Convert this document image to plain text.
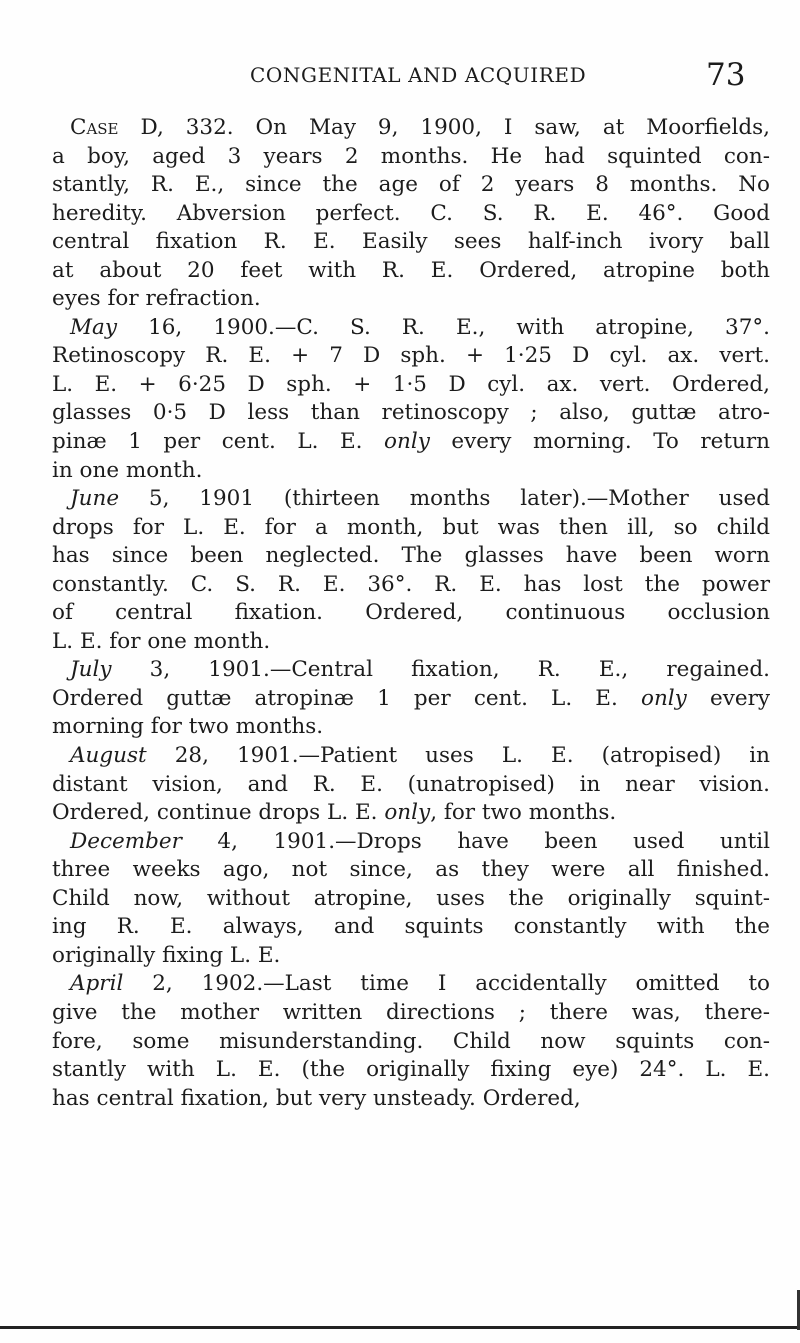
CONGENITAL AND ACQUIRED	73
Case D, 332. On May 9, 1900, I saw, at Moorfields,
a boy, aged 3 years 2 months. He had squinted con-
stantly, R. E., since the age of 2 years 8 months. No
heredity. Abversion perfect. C. S. R. E. 46°. Good
central fixation R. E. Easily sees half-inch ivory ball
at about 20 feet with R. E. Ordered, atropine both
eyes for refraction.
May 16, 1900.—C. S. R. E., with atropine, 37°.
Retinoscopy R. E. + 7 D sph. + 1·25 D cyl. ax. vert.
L. E. + 6·25 D sph. + 1·5 D cyl. ax. vert. Ordered,
glasses 0·5 D less than retinoscopy ; also, guttæ atro-
pinæ 1 per cent. L. E. only every morning. To return
in one month.
June 5, 1901 (thirteen months later).—Mother used
drops for L. E. for a month, but was then ill, so child
has since been neglected. The glasses have been worn
constantly. C. S. R. E. 36°. R. E. has lost the power
of central fixation. Ordered, continuous occlusion
L. E. for one month.
July 3, 1901.—Central fixation, R. E., regained.
Ordered guttæ atropinæ 1 per cent. L. E. only every
morning for two months.
August 28, 1901.—Patient uses L. E. (atropised) in
distant vision, and R. E. (unatropised) in near vision.
Ordered, continue drops L. E. only, for two months.
December 4, 1901.—Drops have been used until
three weeks ago, not since, as they were all finished.
Child now, without atropine, uses the originally squint-
ing R. E. always, and squints constantly with the
originally fixing L. E.
April 2, 1902.—Last time I accidentally omitted to
give the mother written directions ; there was, there-
fore, some misunderstanding. Child now squints con-
stantly with L. E. (the originally fixing eye) 24°. L. E.
has central fixation, but very unsteady. Ordered,
